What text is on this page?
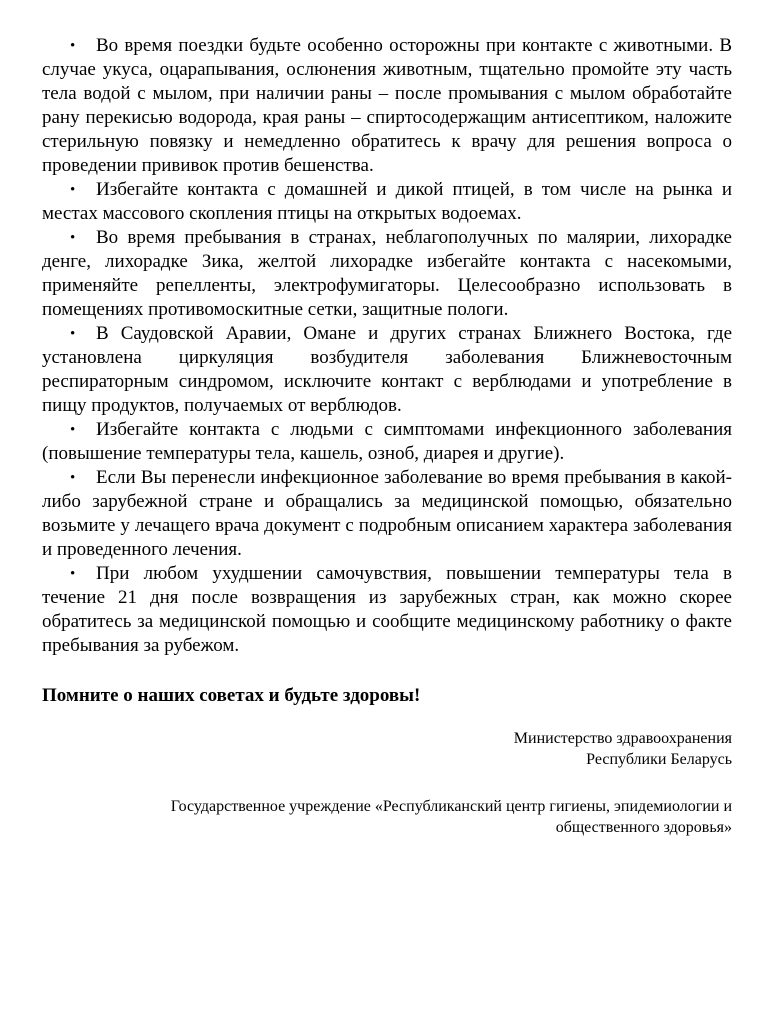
• Во время поездки будьте особенно осторожны при контакте с животными. В случае укуса, оцарапывания, ослюнения животным, тщательно промойте эту часть тела водой с мылом, при наличии раны – после промывания с мылом обработайте рану перекисью водорода, края раны – спиртосодержащим антисептиком, наложите стерильную повязку и немедленно обратитесь к врачу для решения вопроса о проведении прививок против бешенства.

• Избегайте контакта с домашней и дикой птицей, в том числе на рынка и местах массового скопления птицы на открытых водоемах.

• Во время пребывания в странах, неблагополучных по малярии, лихорадке денге, лихорадке Зика, желтой лихорадке избегайте контакта с насекомыми, применяйте репелленты, электрофумигаторы. Целесообразно использовать в помещениях противомоскитные сетки, защитные пологи.

• В Саудовской Аравии, Омане и других странах Ближнего Востока, где установлена циркуляция возбудителя заболевания Ближневосточным респираторным синдромом, исключите контакт с верблюдами и употребление в пищу продуктов, получаемых от верблюдов.

• Избегайте контакта с людьми с симптомами инфекционного заболевания (повышение температуры тела, кашель, озноб, диарея и другие).

• Если Вы перенесли инфекционное заболевание во время пребывания в какой-либо зарубежной стране и обращались за медицинской помощью, обязательно возьмите у лечащего врача документ с подробным описанием характера заболевания и проведенного лечения.

• При любом ухудшении самочувствия, повышении температуры тела в течение 21 дня после возвращения из зарубежных стран, как можно скорее обратитесь за медицинской помощью и сообщите медицинскому работнику о факте пребывания за рубежом.

Помните о наших советах и будьте здоровы!

Министерство здравоохранения
Республики Беларусь

Государственное учреждение «Республиканский центр гигиены, эпидемиологии и
общественного здоровья»
